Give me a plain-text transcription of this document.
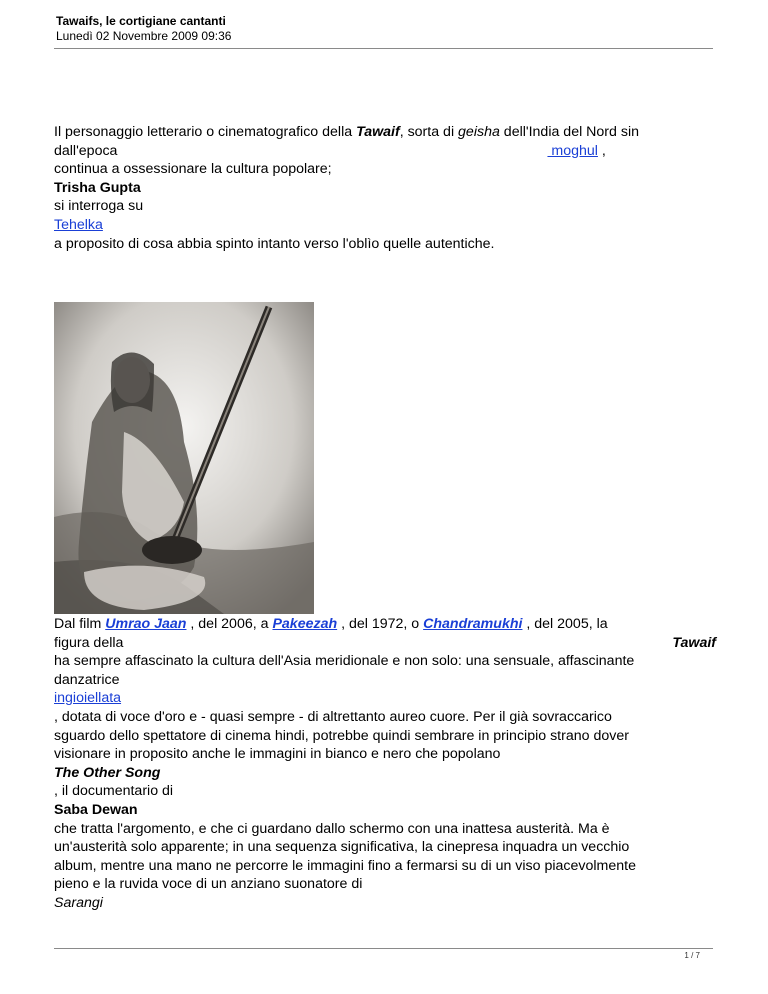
Tawaifs, le cortigiane cantanti
Lunedì 02 Novembre 2009 09:36
Il personaggio letterario o cinematografico della Tawaif, sorta di geisha dell'India del Nord sin
dall'epoca	moghul ,
continua a ossessionare la cultura popolare;
Trisha Gupta
si interroga su
Tehelka
a proposito di cosa abbia spinto intanto verso l'oblìo quelle autentiche.
Dal film Umrao Jaan , del 2006, a Pakeezah , del 1972, o Chandramukhi , del 2005, la
figura della	Tawaif
ha sempre affascinato la cultura dell'Asia meridionale e non solo: una sensuale, affascinante
danzatrice
ingioiellata
, dotata di voce d'oro e - quasi sempre - di altrettanto aureo cuore. Per il già sovraccarico
sguardo dello spettatore di cinema hindi, potrebbe quindi sembrare in principio strano dover
visionare in proposito anche le immagini in bianco e nero che popolano
The Other Song
, il documentario di
Saba Dewan
che tratta l'argomento, e che ci guardano dallo schermo con una inattesa austerità. Ma è
un'austerità solo apparente; in una sequenza significativa, la cinepresa inquadra un vecchio
album, mentre una mano ne percorre le immagini fino a fermarsi su di un viso piacevolmente
pieno e la ruvida voce di un anziano suonatore di
Sarangi
1 / 7
